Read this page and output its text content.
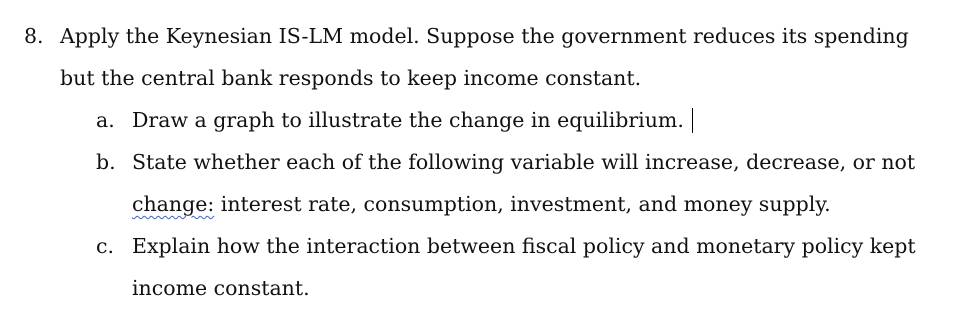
8. Apply the Keynesian IS-LM model. Suppose the government reduces its spending
but the central bank responds to keep income constant.
a. Draw a graph to illustrate the change in equilibrium.
b. State whether each of the following variable will increase, decrease, or not
change: interest rate, consumption, investment, and money supply.
c. Explain how the interaction between fiscal policy and monetary policy kept
income constant.
